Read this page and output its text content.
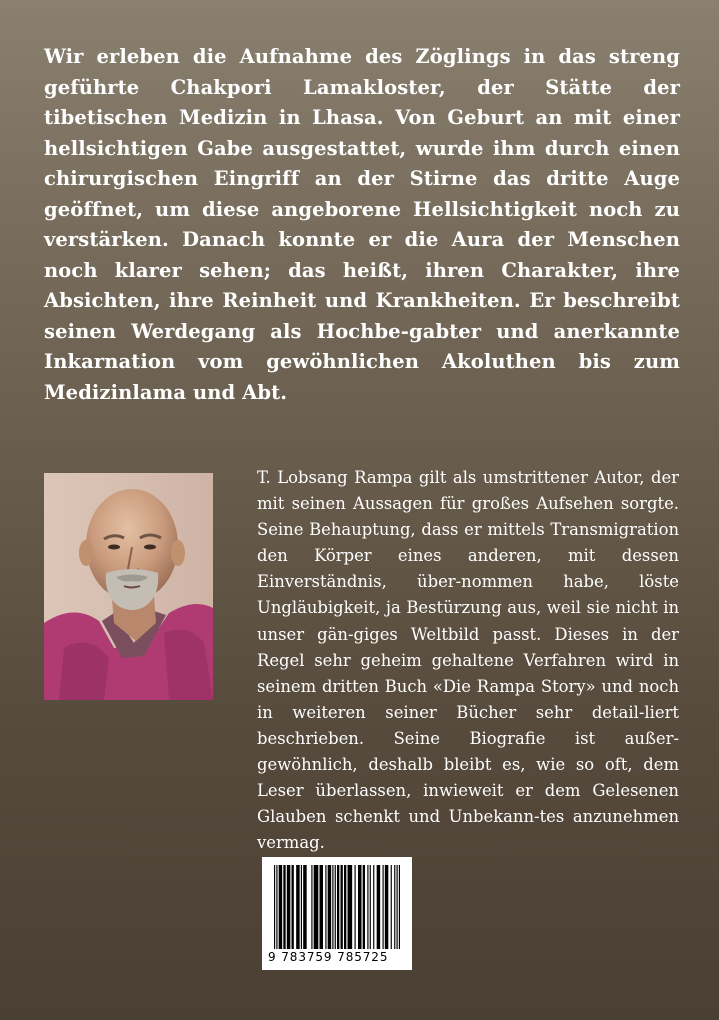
Wir erleben die Aufnahme des Zöglings in das streng geführte Chakpori Lamakloster, der Stätte der tibetischen Medizin in Lhasa. Von Geburt an mit einer hellsichtigen Gabe ausgestattet, wurde ihm durch einen chirurgischen Eingriff an der Stirne das dritte Auge geöffnet, um diese angeborene Hellsichtigkeit noch zu verstärken. Danach konnte er die Aura der Menschen noch klarer sehen; das heißt, ihren Charakter, ihre Absichten, ihre Reinheit und Krankheiten. Er beschreibt seinen Werdegang als Hochbe-gabter und anerkannte Inkarnation vom gewöhnlichen Akoluthen bis zum Medizinlama und Abt.

T. Lobsang Rampa gilt als umstrittener Autor, der mit seinen Aussagen für großes Aufsehen sorgte. Seine Behauptung, dass er mittels Transmigration den Körper eines anderen, mit dessen Einverständnis, über-nommen habe, löste Ungläubigkeit, ja Bestürzung aus, weil sie nicht in unser gän-giges Weltbild passt. Dieses in der Regel sehr geheim gehaltene Verfahren wird in seinem dritten Buch «Die Rampa Story» und noch in weiteren seiner Bücher sehr detail-liert beschrieben. Seine Biografie ist außer-gewöhnlich, deshalb bleibt es, wie so oft, dem Leser überlassen, inwieweit er dem Gelesenen Glauben schenkt und Unbekann-tes anzunehmen vermag.

9 783759 785725
